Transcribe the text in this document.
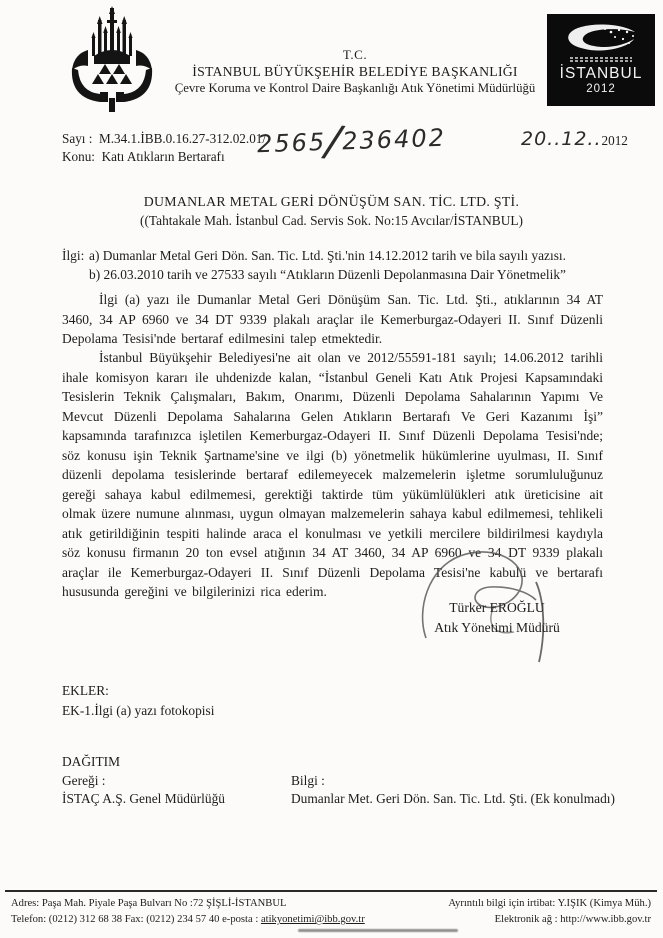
T.C.
İSTANBUL BÜYÜKŞEHİR BELEDİYE BAŞKANLIĞI
Çevre Koruma ve Kontrol Daire Başkanlığı Atık Yönetimi Müdürlüğü
İSTANBUL
2012
Sayı : M.34.1.İBB.0.16.27-312.02.01/
2565/236402	20..12..2012
Konu: Katı Atıkların Bertarafı
DUMANLAR METAL GERİ DÖNÜŞÜM SAN. TİC. LTD. ŞTİ.
((Tahtakale Mah. İstanbul Cad. Servis Sok. No:15 Avcılar/İSTANBUL)
İlgi: a) Dumanlar Metal Geri Dön. San. Tic. Ltd. Şti.'nin 14.12.2012 tarih ve bila sayılı yazısı.
b) 26.03.2010 tarih ve 27533 sayılı “Atıkların Düzenli Depolanmasına Dair Yönetmelik”

İlgi (a) yazı ile Dumanlar Metal Geri Dönüşüm San. Tic. Ltd. Şti., atıklarının 34 AT 3460, 34 AP 6960 ve 34 DT 9339 plakalı araçlar ile Kemerburgaz-Odayeri II. Sınıf Düzenli Depolama Tesisi'nde bertaraf edilmesini talep etmektedir.

İstanbul Büyükşehir Belediyesi'ne ait olan ve 2012/55591-181 sayılı; 14.06.2012 tarihli ihale komisyon kararı ile uhdenizde kalan, “İstanbul Geneli Katı Atık Projesi Kapsamındaki Tesislerin Teknik Çalışmaları, Bakım, Onarımı, Düzenli Depolama Sahalarının Yapımı Ve Mevcut Düzenli Depolama Sahalarına Gelen Atıkların Bertarafı Ve Geri Kazanımı İşi” kapsamında tarafınızca işletilen Kemerburgaz-Odayeri II. Sınıf Düzenli Depolama Tesisi'nde; söz konusu işin Teknik Şartname'sine ve ilgi (b) yönetmelik hükümlerine uyulması, II. Sınıf düzenli depolama tesislerinde bertaraf edilemeyecek malzemelerin işletme sorumluluğunuz gereği sahaya kabul edilmemesi, gerektiği taktirde tüm yükümlülükleri atık üreticisine ait olmak üzere numune alınması, uygun olmayan malzemelerin sahaya kabul edilmemesi, tehlikeli atık getirildiğinin tespiti halinde araca el konulması ve yetkili mercilere bildirilmesi kaydıyla söz konusu firmanın 20 ton evsel atığının 34 AT 3460, 34 AP 6960 ve 34 DT 9339 plakalı araçlar ile Kemerburgaz-Odayeri II. Sınıf Düzenli Depolama Tesisi'ne kabulü ve bertarafı hususunda gereğini ve bilgilerinizi rica ederim.

Türker EROĞLU
Atık Yönetimi Müdürü
EKLER:
EK-1.İlgi (a) yazı fotokopisi
DAĞITIM
Gereği :
İSTAÇ A.Ş. Genel Müdürlüğü
Bilgi :
Dumanlar Met. Geri Dön. San. Tic. Ltd. Şti. (Ek konulmadı)
Adres: Paşa Mah. Piyale Paşa Bulvarı No :72 ŞİŞLİ-İSTANBUL	Ayrıntılı bilgi için irtibat: Y.IŞIK (Kimya Müh.)
Telefon: (0212) 312 68 38 Fax: (0212) 234 57 40 e-posta : atikyonetimi@ibb.gov.tr	Elektronik ağ : http://www.ibb.gov.tr
